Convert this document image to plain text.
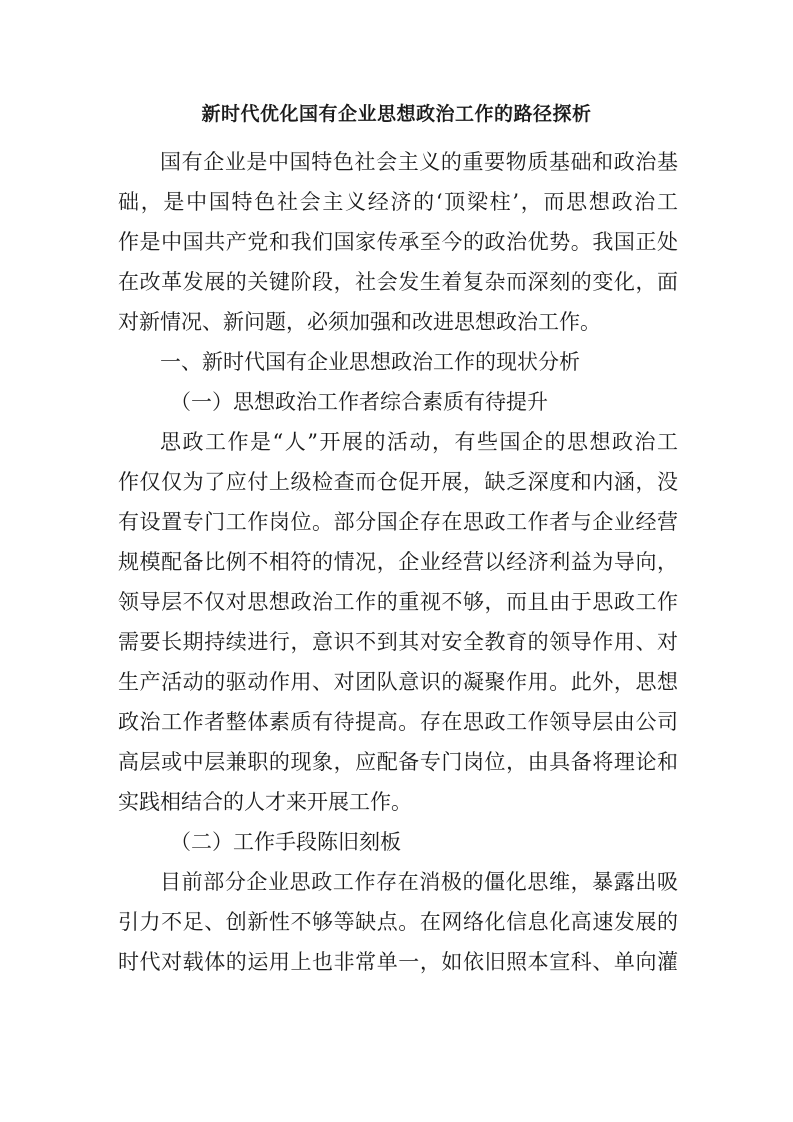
新时代优化国有企业思想政治工作的路径探析
国有企业是中国特色社会主义的重要物质基础和政治基
础，是中国特色社会主义经济的‘顶梁柱’，而思想政治工
作是中国共产党和我们国家传承至今的政治优势。我国正处
在改革发展的关键阶段，社会发生着复杂而深刻的变化，面
对新情况、新问题，必须加强和改进思想政治工作。
一、新时代国有企业思想政治工作的现状分析
（一）思想政治工作者综合素质有待提升
思政工作是“人”开展的活动，有些国企的思想政治工
作仅仅为了应付上级检查而仓促开展，缺乏深度和内涵，没
有设置专门工作岗位。部分国企存在思政工作者与企业经营
规模配备比例不相符的情况，企业经营以经济利益为导向，
领导层不仅对思想政治工作的重视不够，而且由于思政工作
需要长期持续进行，意识不到其对安全教育的领导作用、对
生产活动的驱动作用、对团队意识的凝聚作用。此外，思想
政治工作者整体素质有待提高。存在思政工作领导层由公司
高层或中层兼职的现象，应配备专门岗位，由具备将理论和
实践相结合的人才来开展工作。
（二）工作手段陈旧刻板
目前部分企业思政工作存在消极的僵化思维，暴露出吸
引力不足、创新性不够等缺点。在网络化信息化高速发展的
时代对载体的运用上也非常单一，如依旧照本宣科、单向灌
